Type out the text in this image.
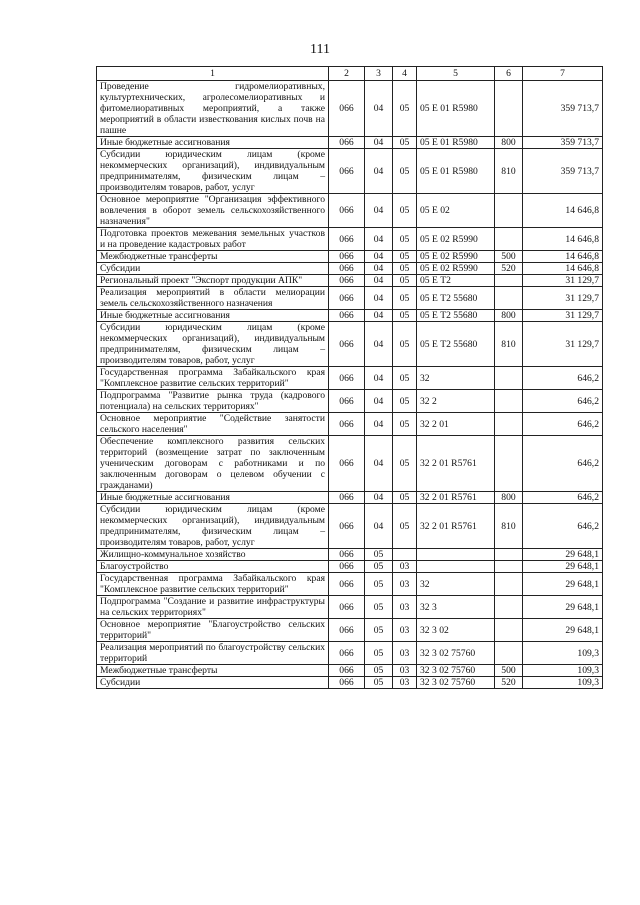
111
1	2	3	4	5	6	7
Проведение гидромелиоративных, культуртехнических, агролесомелиоративных и фитомелиоративных мероприятий, а также мероприятий в области известкования кислых почв на пашне	066	04	05	05 Е 01 R5980		359 713,7
Иные бюджетные ассигнования	066	04	05	05 Е 01 R5980	800	359 713,7
Субсидии юридическим лицам (кроме некоммерческих организаций), индивидуальным предпринимателям, физическим лицам – производителям товаров, работ, услуг	066	04	05	05 Е 01 R5980	810	359 713,7
Основное мероприятие "Организация эффективного вовлечения в оборот земель сельскохозяйственного назначения"	066	04	05	05 Е 02		14 646,8
Подготовка проектов межевания земельных участков и на проведение кадастровых работ	066	04	05	05 Е 02 R5990		14 646,8
Межбюджетные трансферты	066	04	05	05 Е 02 R5990	500	14 646,8
Субсидии	066	04	05	05 Е 02 R5990	520	14 646,8
Региональный проект "Экспорт продукции АПК"	066	04	05	05 Е Т2		31 129,7
Реализация мероприятий в области мелиорации земель сельскохозяйственного назначения	066	04	05	05 Е Т2 55680		31 129,7
Иные бюджетные ассигнования	066	04	05	05 Е Т2 55680	800	31 129,7
Субсидии юридическим лицам (кроме некоммерческих организаций), индивидуальным предпринимателям, физическим лицам – производителям товаров, работ, услуг	066	04	05	05 Е Т2 55680	810	31 129,7
Государственная программа Забайкальского края "Комплексное развитие сельских территорий"	066	04	05	32		646,2
Подпрограмма "Развитие рынка труда (кадрового потенциала) на сельских территориях"	066	04	05	32 2		646,2
Основное мероприятие "Содействие занятости сельского населения"	066	04	05	32 2 01		646,2
Обеспечение комплексного развития сельских территорий (возмещение затрат по заключенным ученическим договорам с работниками и по заключенным договорам о целевом обучении с гражданами)	066	04	05	32 2 01 R5761		646,2
Иные бюджетные ассигнования	066	04	05	32 2 01 R5761	800	646,2
Субсидии юридическим лицам (кроме некоммерческих организаций), индивидуальным предпринимателям, физическим лицам – производителям товаров, работ, услуг	066	04	05	32 2 01 R5761	810	646,2
Жилищно-коммунальное хозяйство	066	05				29 648,1
Благоустройство	066	05	03			29 648,1
Государственная программа Забайкальского края "Комплексное развитие сельских территорий"	066	05	03	32		29 648,1
Подпрограмма "Создание и развитие инфраструктуры на сельских территориях"	066	05	03	32 3		29 648,1
Основное мероприятие "Благоустройство сельских территорий"	066	05	03	32 3 02		29 648,1
Реализация мероприятий по благоустройству сельских территорий	066	05	03	32 3 02 75760		109,3
Межбюджетные трансферты	066	05	03	32 3 02 75760	500	109,3
Субсидии	066	05	03	32 3 02 75760	520	109,3
